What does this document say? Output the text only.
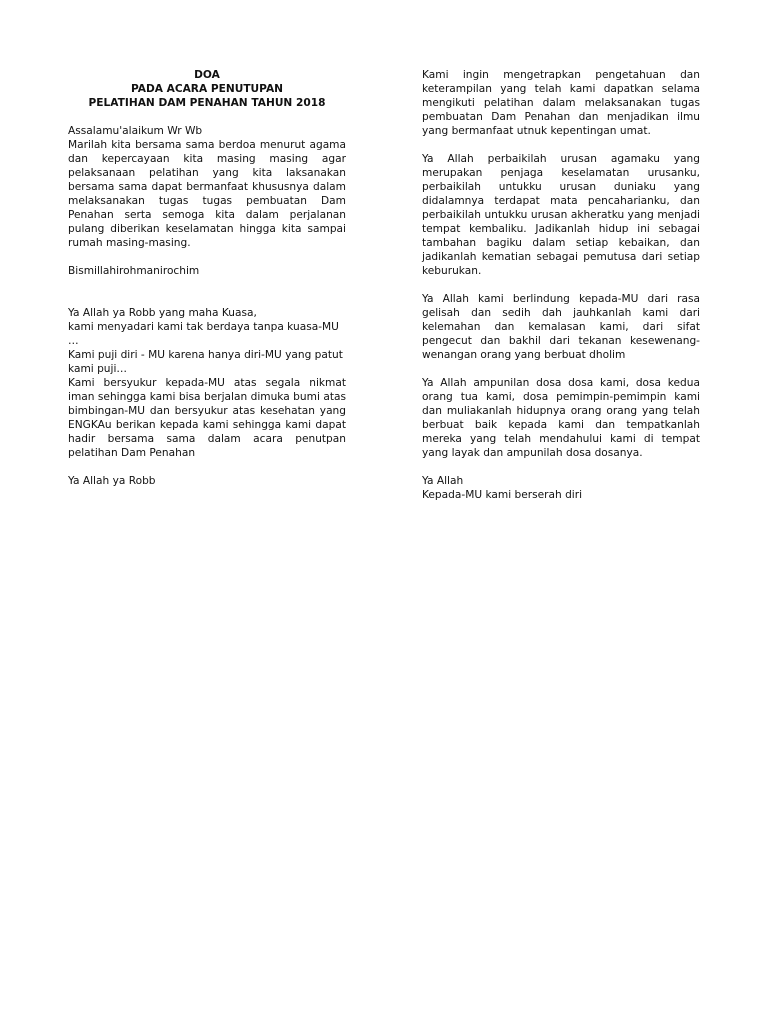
DOA
PADA ACARA PENUTUPAN
PELATIHAN DAM PENAHAN TAHUN 2018

Assalamu'alaikum Wr Wb

Marilah kita bersama sama berdoa menurut agama dan kepercayaan kita masing masing agar pelaksanaan pelatihan yang kita laksanakan bersama sama dapat bermanfaat khususnya dalam melaksanakan tugas tugas pembuatan Dam Penahan serta semoga kita dalam perjalanan pulang diberikan keselamatan hingga kita sampai rumah masing-masing.

Bismillahirohmanirochim

Ya Allah ya Robb yang maha Kuasa,
kami menyadari kami tak berdaya tanpa kuasa-MU …
Kami puji diri - MU karena hanya diri-MU yang patut kami puji…

Kami bersyukur kepada-MU atas segala nikmat iman sehingga kami bisa berjalan dimuka bumi atas bimbingan-MU dan bersyukur atas kesehatan yang ENGKAu berikan kepada kami sehingga kami dapat hadir bersama sama dalam acara penutpan pelatihan Dam Penahan

Ya Allah ya Robb

Kami ingin mengetrapkan pengetahuan dan keterampilan yang telah kami dapatkan selama mengikuti pelatihan dalam melaksanakan tugas pembuatan Dam Penahan dan menjadikan ilmu yang bermanfaat utnuk kepentingan umat.

Ya Allah perbaikilah urusan agamaku yang merupakan penjaga keselamatan urusanku, perbaikilah untukku urusan duniaku yang didalamnya terdapat mata pencaharianku, dan perbaikilah untukku urusan akheratku yang menjadi tempat kembaliku. Jadikanlah hidup ini sebagai tambahan bagiku dalam setiap kebaikan, dan jadikanlah kematian sebagai pemutusa dari setiap keburukan.

Ya Allah kami berlindung kepada-MU dari rasa gelisah dan sedih dah jauhkanlah kami dari kelemahan dan kemalasan kami, dari sifat pengecut dan bakhil dari tekanan kesewenang-wenangan orang yang berbuat dholim

Ya Allah ampunilan dosa dosa kami, dosa kedua orang tua kami, dosa pemimpin-pemimpin kami dan muliakanlah hidupnya orang orang yang telah berbuat baik kepada kami dan tempatkanlah mereka yang telah mendahului kami di tempat yang layak dan ampunilah dosa dosanya.

Ya Allah
Kepada-MU kami berserah diri
